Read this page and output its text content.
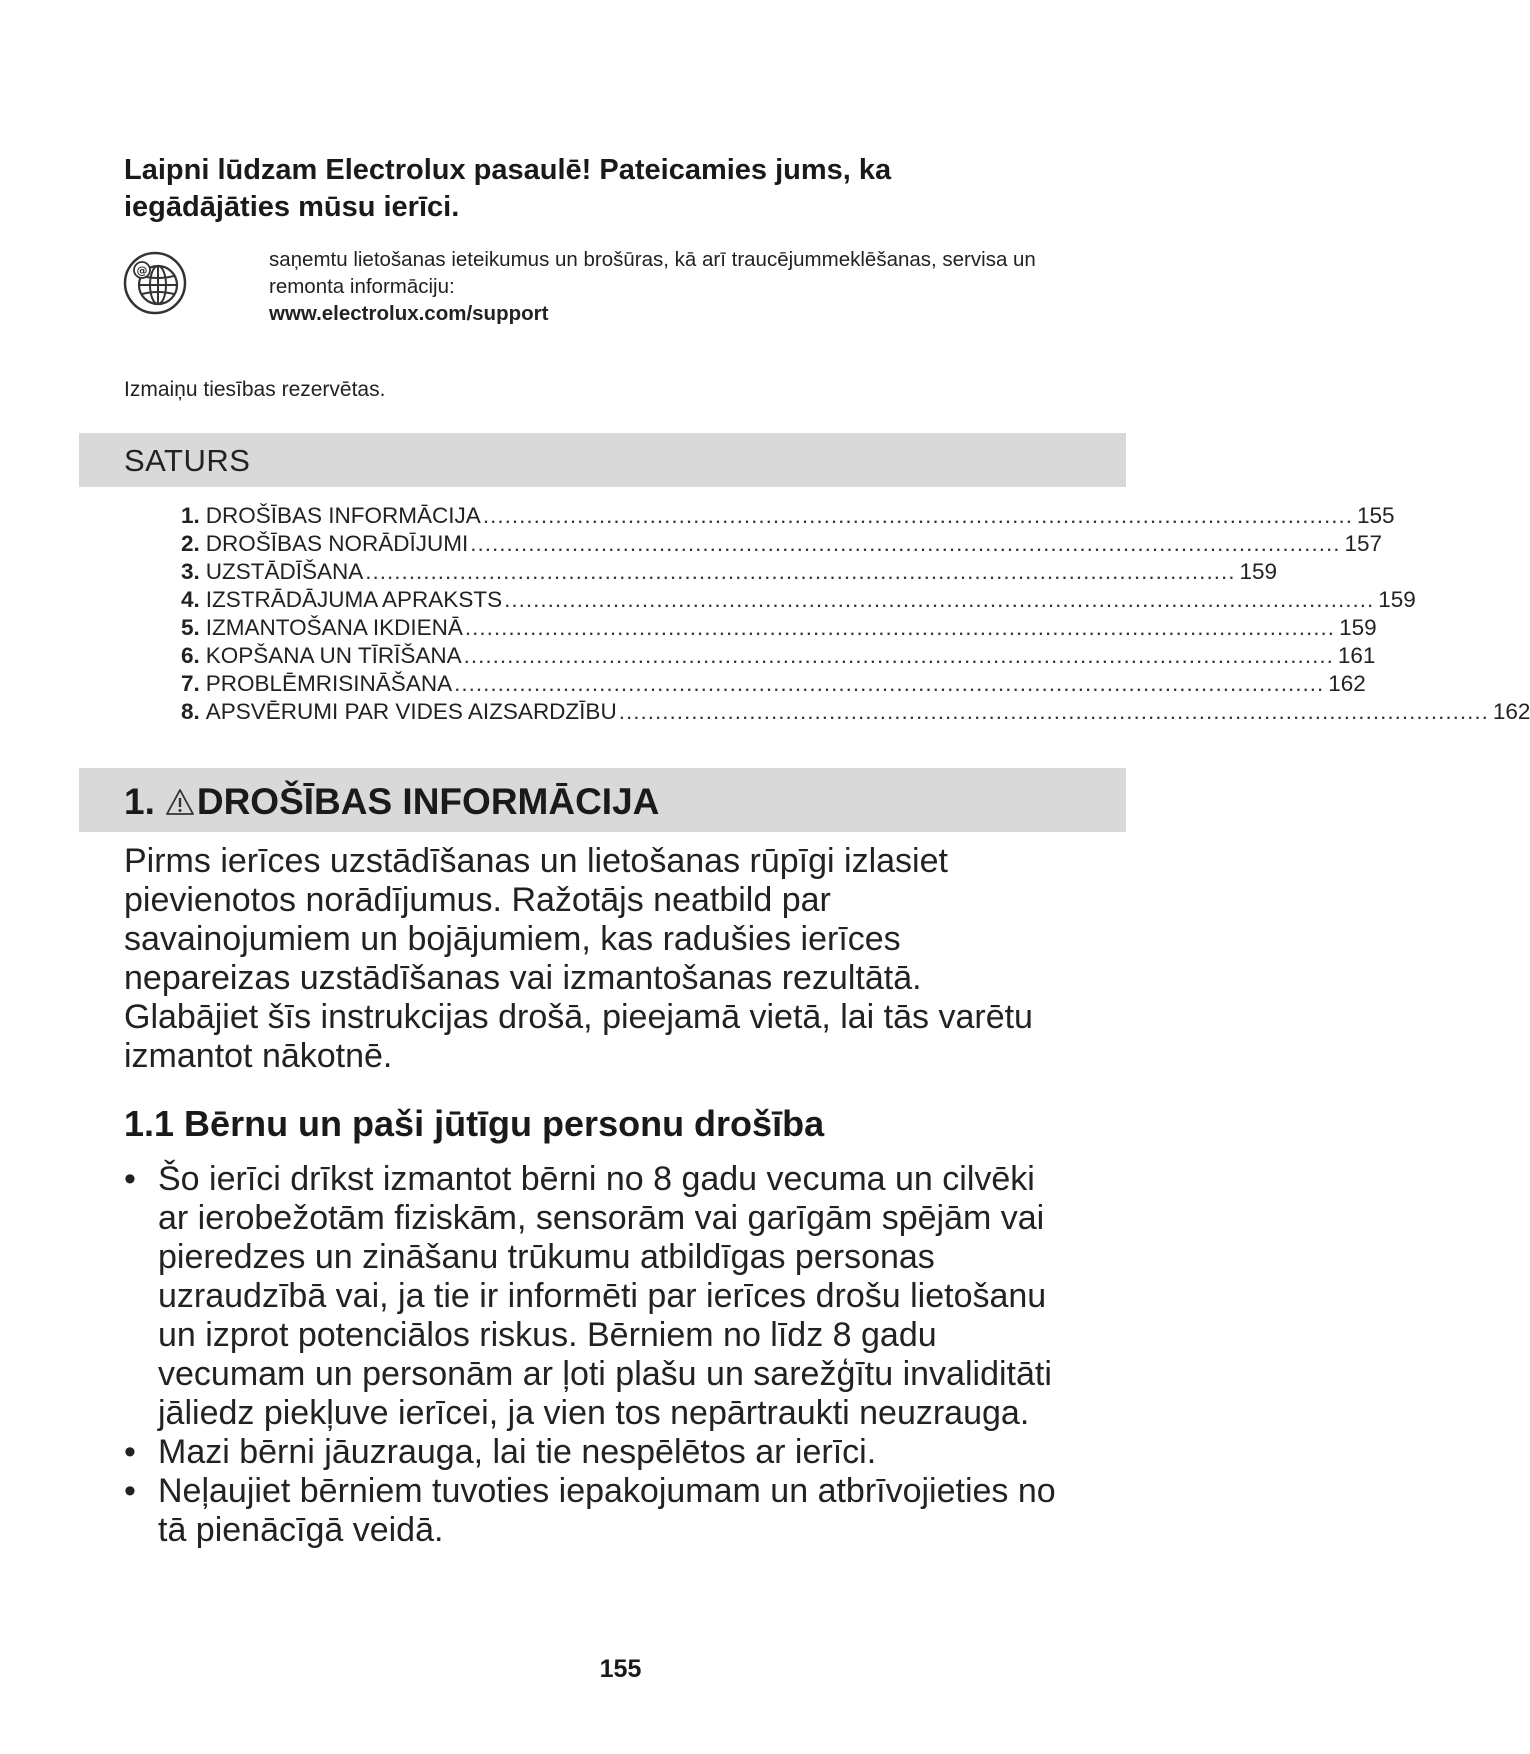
Laipni lūdzam Electrolux pasaulē! Pateicamies jums, ka
iegādājāties mūsu ierīci.
@	saņemtu lietošanas ieteikumus un brošūras, kā arī traucējummeklēšanas, servisa un
remonta informāciju:
www.electrolux.com/support
Izmaiņu tiesības rezervētas.
SATURS
1. DROŠĪBAS INFORMĀCIJA ........................................................................................................................ 155
2. DROŠĪBAS NORĀDĪJUMI ........................................................................................................................ 157
3. UZSTĀDĪŠANA ........................................................................................................................ 159
4. IZSTRĀDĀJUMA APRAKSTS ........................................................................................................................ 159
5. IZMANTOŠANA IKDIENĀ ........................................................................................................................ 159
6. KOPŠANA UN TĪRĪŠANA ........................................................................................................................ 161
7. PROBLĒMRISINĀŠANA ........................................................................................................................ 162
8. APSVĒRUMI PAR VIDES AIZSARDZĪBU ........................................................................................................................ 162
1. DROŠĪBAS INFORMĀCIJA
Pirms ierīces uzstādīšanas un lietošanas rūpīgi izlasiet
pievienotos norādījumus. Ražotājs neatbild par
savainojumiem un bojājumiem, kas radušies ierīces
nepareizas uzstādīšanas vai izmantošanas rezultātā.
Glabājiet šīs instrukcijas drošā, pieejamā vietā, lai tās varētu
izmantot nākotnē.
1.1 Bērnu un paši jūtīgu personu drošība
• Šo ierīci drīkst izmantot bērni no 8 gadu vecuma un cilvēki
ar ierobežotām fiziskām, sensorām vai garīgām spējām vai
pieredzes un zināšanu trūkumu atbildīgas personas
uzraudzībā vai, ja tie ir informēti par ierīces drošu lietošanu
un izprot potenciālos riskus. Bērniem no līdz 8 gadu
vecumam un personām ar ļoti plašu un sarežģītu invaliditāti
jāliedz piekļuve ierīcei, ja vien tos nepārtraukti neuzrauga.
• Mazi bērni jāuzrauga, lai tie nespēlētos ar ierīci.
• Neļaujiet bērniem tuvoties iepakojumam un atbrīvojieties no
tā pienācīgā veidā.
155
